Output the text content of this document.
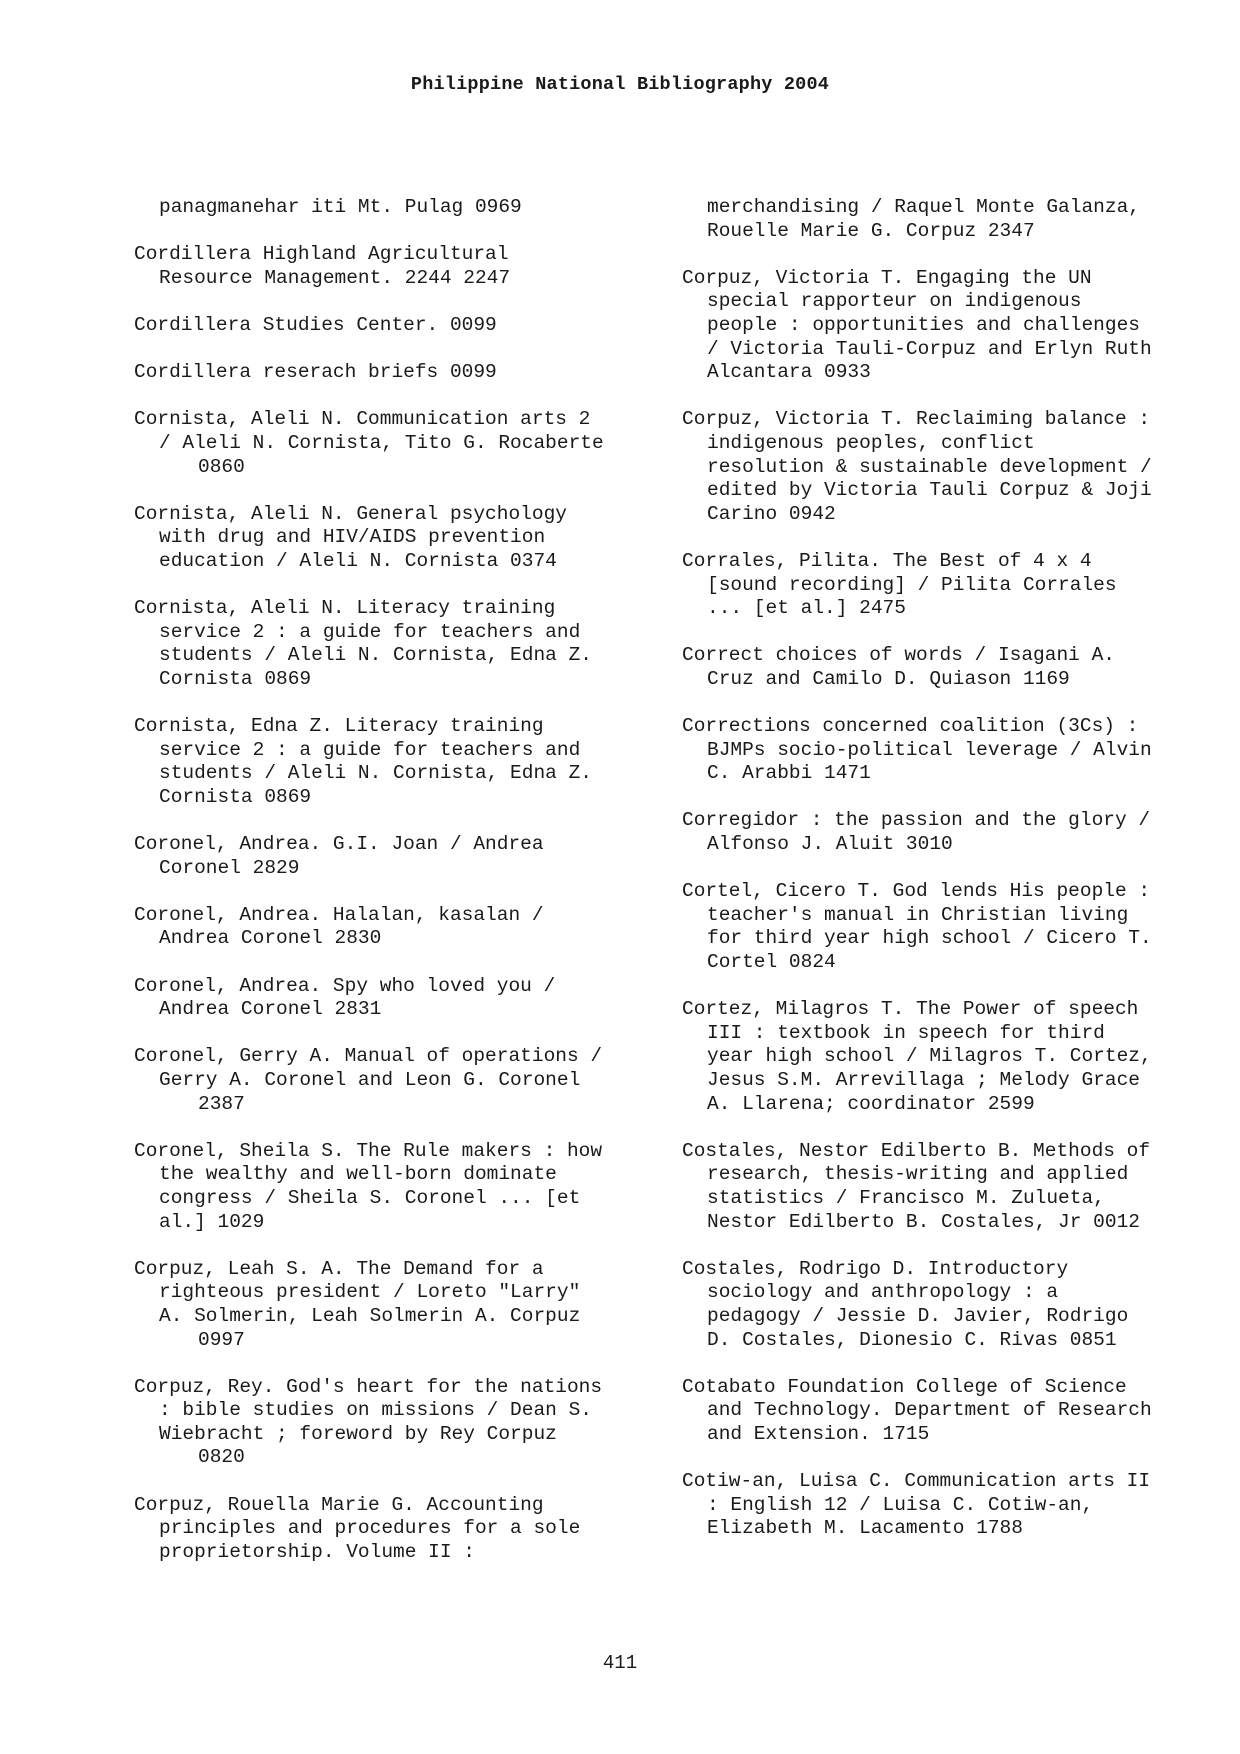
Philippine National Bibliography 2004
panagmanehar iti Mt. Pulag 0969
Cordillera Highland Agricultural
Resource Management. 2244 2247
Cordillera Studies Center. 0099
Cordillera reserach briefs 0099
Cornista, Aleli N. Communication arts 2
/ Aleli N. Cornista, Tito G. Rocaberte
0860
Cornista, Aleli N. General psychology
with drug and HIV/AIDS prevention
education / Aleli N. Cornista 0374
Cornista, Aleli N. Literacy training
service 2 : a guide for teachers and
students / Aleli N. Cornista, Edna Z.
Cornista 0869
Cornista, Edna Z. Literacy training
service 2 : a guide for teachers and
students / Aleli N. Cornista, Edna Z.
Cornista 0869
Coronel, Andrea. G.I. Joan / Andrea
Coronel 2829
Coronel, Andrea. Halalan, kasalan /
Andrea Coronel 2830
Coronel, Andrea. Spy who loved you /
Andrea Coronel 2831
Coronel, Gerry A. Manual of operations /
Gerry A. Coronel and Leon G. Coronel
2387
Coronel, Sheila S. The Rule makers : how
the wealthy and well-born dominate
congress / Sheila S. Coronel ... [et
al.] 1029
Corpuz, Leah S. A. The Demand for a
righteous president / Loreto "Larry"
A. Solmerin, Leah Solmerin A. Corpuz
0997
Corpuz, Rey. God's heart for the nations
: bible studies on missions / Dean S.
Wiebracht ; foreword by Rey Corpuz
0820
Corpuz, Rouella Marie G. Accounting
principles and procedures for a sole
proprietorship. Volume II :
merchandising / Raquel Monte Galanza,
Rouelle Marie G. Corpuz 2347
Corpuz, Victoria T. Engaging the UN
special rapporteur on indigenous
people : opportunities and challenges
/ Victoria Tauli-Corpuz and Erlyn Ruth
Alcantara 0933
Corpuz, Victoria T. Reclaiming balance :
indigenous peoples, conflict
resolution & sustainable development /
edited by Victoria Tauli Corpuz & Joji
Carino 0942
Corrales, Pilita. The Best of 4 x 4
[sound recording] / Pilita Corrales
... [et al.] 2475
Correct choices of words / Isagani A.
Cruz and Camilo D. Quiason 1169
Corrections concerned coalition (3Cs) :
BJMPs socio-political leverage / Alvin
C. Arabbi 1471
Corregidor : the passion and the glory /
Alfonso J. Aluit 3010
Cortel, Cicero T. God lends His people :
teacher's manual in Christian living
for third year high school / Cicero T.
Cortel 0824
Cortez, Milagros T. The Power of speech
III : textbook in speech for third
year high school / Milagros T. Cortez,
Jesus S.M. Arrevillaga ; Melody Grace
A. Llarena; coordinator 2599
Costales, Nestor Edilberto B. Methods of
research, thesis-writing and applied
statistics / Francisco M. Zulueta,
Nestor Edilberto B. Costales, Jr 0012
Costales, Rodrigo D. Introductory
sociology and anthropology : a
pedagogy / Jessie D. Javier, Rodrigo
D. Costales, Dionesio C. Rivas 0851
Cotabato Foundation College of Science
and Technology. Department of Research
and Extension. 1715
Cotiw-an, Luisa C. Communication arts II
: English 12 / Luisa C. Cotiw-an,
Elizabeth M. Lacamento 1788
411
